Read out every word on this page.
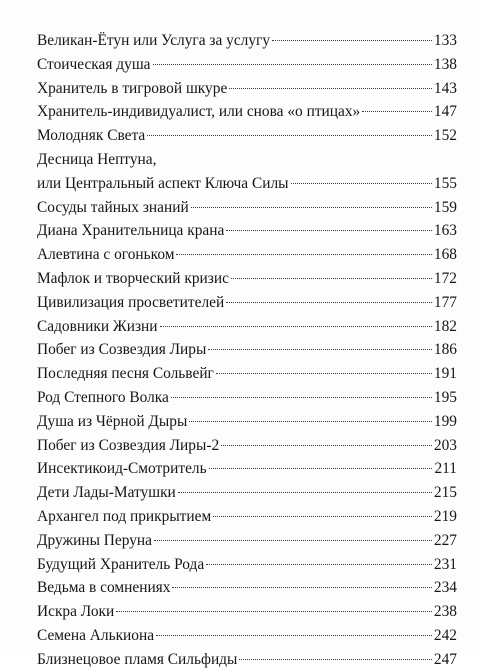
Великан-Ётун или Услуга за услугу	133
Стоическая душа	138
Хранитель в тигровой шкуре	143
Хранитель-индивидуалист, или снова «о птицах»	147
Молодняк Света	152
Десница Нептуна,
или Центральный аспект Ключа Силы	155
Сосуды тайных знаний	159
Диана Хранительница крана	163
Алевтина с огоньком	168
Мафлок и творческий кризис	172
Цивилизация просветителей	177
Садовники Жизни	182
Побег из Созвездия Лиры	186
Последняя песня Сольвейг	191
Род Степного Волка	195
Душа из Чёрной Дыры	199
Побег из Созвездия Лиры-2	203
Инсектикоид-Смотритель	211
Дети Лады-Матушки	215
Архангел под прикрытием	219
Дружины Перуна	227
Будущий Хранитель Рода	231
Ведьма в сомнениях	234
Искра Локи	238
Семена Алькиона	242
Близнецовое пламя Сильфиды	247
